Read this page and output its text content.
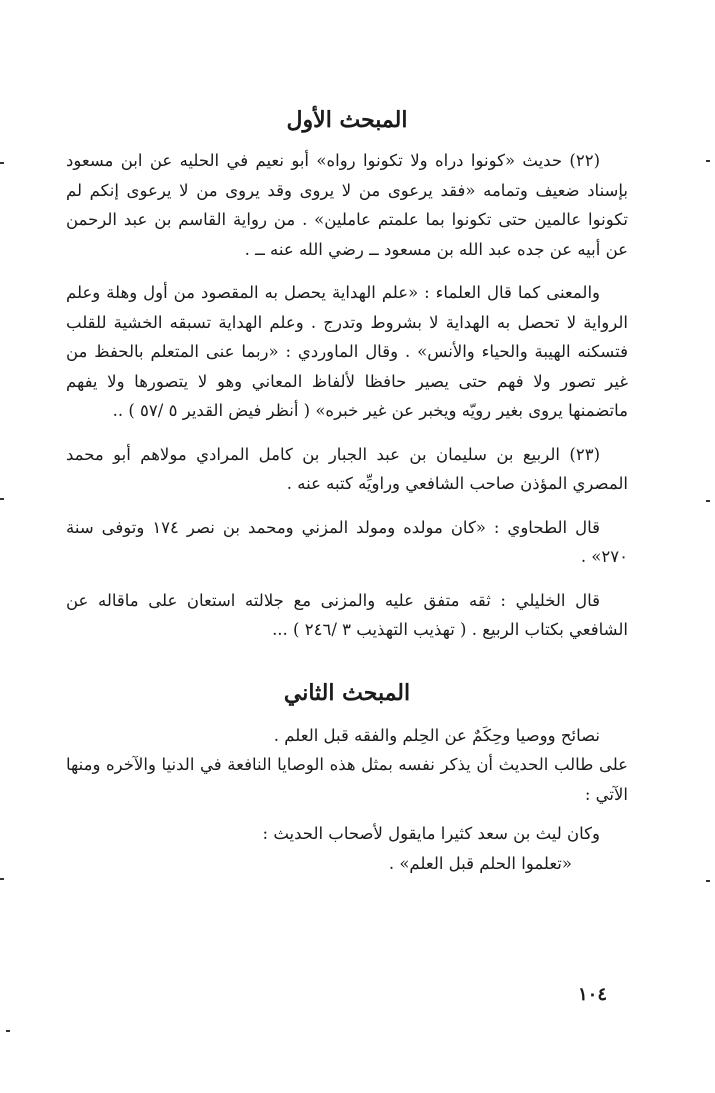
المبحث الأول

(٢٢) حديث «كونوا دراه ولا تكونوا رواه» أبو نعيم في الحليه عن ابن مسعود بإسناد ضعيف وتمامه «فقد يرعوى من لا يروى وقد يروى من لا يرعوى إنكم لم تكونوا عالمين حتى تكونوا بما علمتم عاملين» . من رواية القاسم بن عبد الرحمن عن أبيه عن جده عبد الله بن مسعود ــ رضي الله عنه ــ .

والمعنى كما قال العلماء : «علم الهداية يحصل به المقصود من أول وهلة وعلم الرواية لا تحصل به الهداية لا بشروط وتدرج . وعلم الهداية تسبقه الخشية للقلب فتسكنه الهيبة والحياء والأنس» . وقال الماوردي : «ربما عنى المتعلم بالحفظ من غير تصور ولا فهم حتى يصير حافظا لألفاظ المعاني وهو لا يتصورها ولا يفهم ماتضمنها يروى بغير رويّه ويخبر عن غير خبره» ( أنظر فيض القدير ٥ /٥٧ ) ..

(٢٣) الربيع بن سليمان بن عبد الجبار بن كامل المرادي مولاهم أبو محمد المصري المؤذن صاحب الشافعي وراويِّه كتبه عنه .

قال الطحاوي : «كان مولده ومولد المزني ومحمد بن نصر ١٧٤ وتوفى سنة ٢٧٠» .

قال الخليلي : ثقه متفق عليه والمزنى مع جلالته استعان على ماقاله عن الشافعي بكتاب الربيع . ( تهذيب التهذيب ٣ /٢٤٦ ) ...

المبحث الثاني

نصائح ووصيا وحِكَمٌ عن الحِلم والفقه قبل العلم .

على طالب الحديث أن يذكر نفسه بمثل هذه الوصايا النافعة في الدنيا والآخره ومنها الآتي :

وكان ليث بن سعد كثيرا مايقول لأصحاب الحديث :

«تعلموا الحلم قبل العلم» .

١٠٤
